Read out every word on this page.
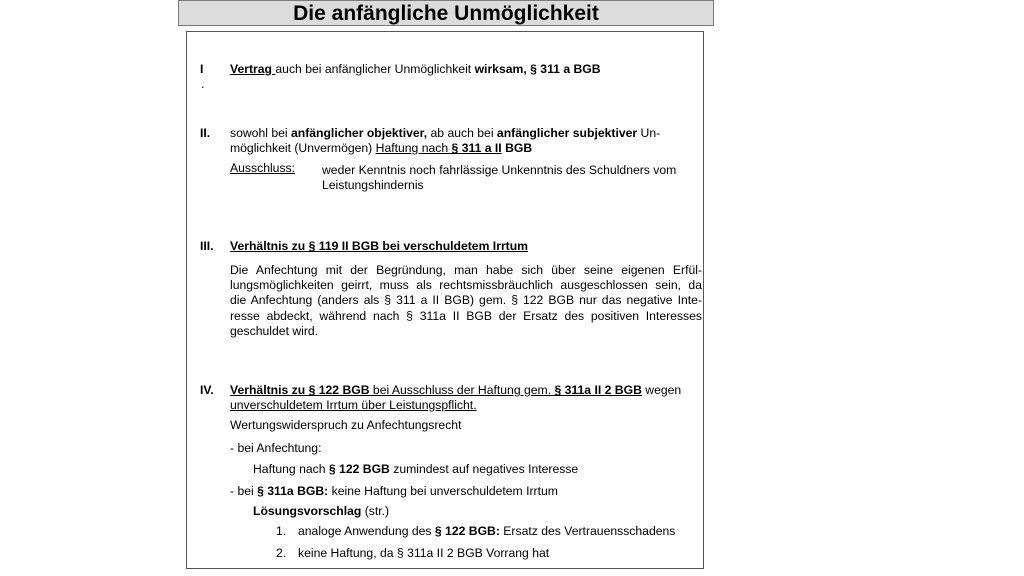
Die anfängliche Unmöglichkeit
I
.
Vertrag auch bei anfänglicher Unmöglichkeit wirksam, § 311 a BGB
II. sowohl bei anfänglicher objektiver, ab auch bei anfänglicher subjektiver Un-
möglichkeit (Unvermögen) Haftung nach § 311 a II BGB
Ausschluss: weder Kenntnis noch fahrlässige Unkenntnis des Schuldners vom
Leistungshindernis
III. Verhältnis zu § 119 II BGB bei verschuldetem Irrtum
Die Anfechtung mit der Begründung, man habe sich über seine eigenen Erfül-
lungsmöglichkeiten geirrt, muss als rechtsmissbräuchlich ausgeschlossen sein, da
die Anfechtung (anders als § 311 a II BGB) gem. § 122 BGB nur das negative Inte-
resse abdeckt, während nach § 311a II BGB der Ersatz des positiven Interesses
geschuldet wird.
IV. Verhältnis zu § 122 BGB bei Ausschluss der Haftung gem. § 311a II 2 BGB wegen
unverschuldetem Irrtum über Leistungspflicht.
Wertungswiderspruch zu Anfechtungsrecht
- bei Anfechtung:
Haftung nach § 122 BGB zumindest auf negatives Interesse
- bei § 311a BGB: keine Haftung bei unverschuldetem Irrtum
Lösungsvorschlag (str.)
1. analoge Anwendung des § 122 BGB: Ersatz des Vertrauensschadens
2. keine Haftung, da § 311a II 2 BGB Vorrang hat
